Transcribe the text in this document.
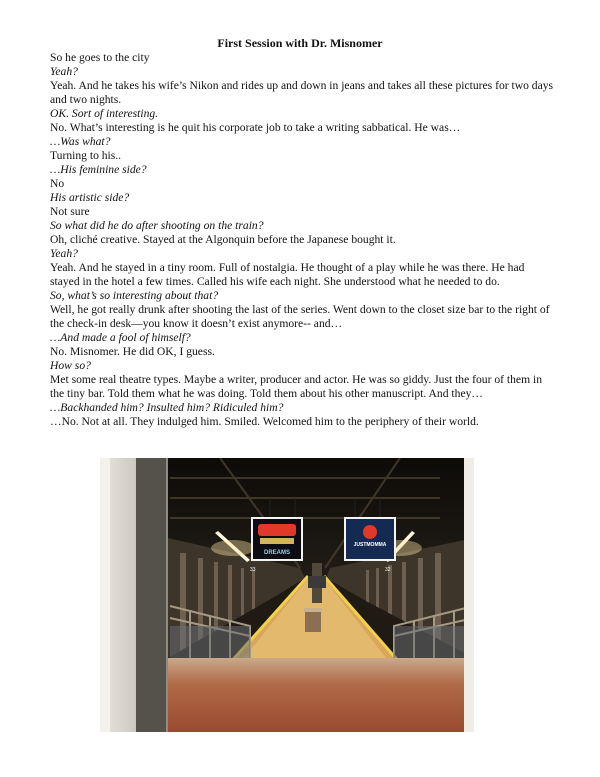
First Session with Dr. Misnomer

So he goes to the city

Yeah?

Yeah. And he takes his wife’s Nikon and rides up and down in jeans and takes all these pictures for two days and two nights.

OK. Sort of interesting.

No. What’s interesting is he quit his corporate job to take a writing sabbatical. He was…

…Was what?

Turning to his..

…His feminine side?

No

His artistic side?

Not sure

So what did he do after shooting on the train?

Oh, cliché creative. Stayed at the Algonquin before the Japanese bought it.

Yeah?

Yeah. And he stayed in a tiny room. Full of nostalgia. He thought of a play while he was there. He had stayed in the hotel a few times. Called his wife each night. She understood what he needed to do.

So, what’s so interesting about that?

Well, he got really drunk after shooting the last of the series. Went down to the closet size bar to the right of the check-in desk—you know it doesn’t exist anymore-- and…

…And made a fool of himself?

No. Misnomer. He did OK, I guess.

How so?

Met some real theatre types. Maybe a writer, producer and actor. He was so giddy. Just the four of them in the tiny bar. Told them what he was doing. Told them about his other manuscript. And they…

…Backhanded him? Insulted him? Ridiculed him?

…No. Not at all. They indulged him. Smiled. Welcomed him to the periphery of their world.

DREAMS
JUSTMOMMA
33	32
